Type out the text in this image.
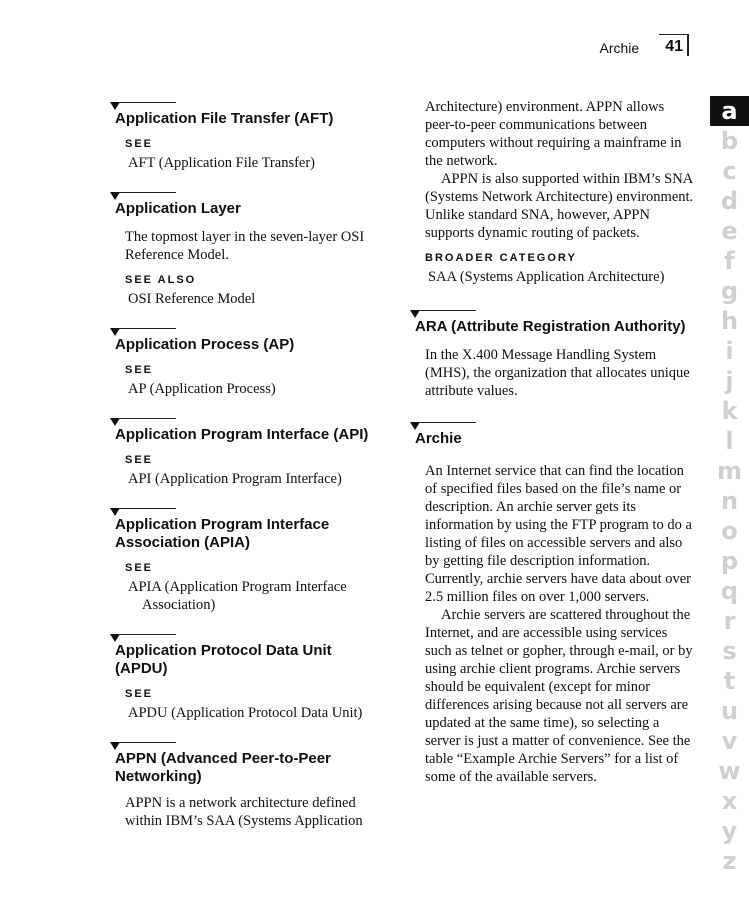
Archie	41
Application File Transfer (AFT)
SEE
AFT (Application File Transfer)
Application Layer
The topmost layer in the seven-layer OSI Reference Model.
SEE ALSO
OSI Reference Model
Application Process (AP)
SEE
AP (Application Process)
Application Program Interface (API)
SEE
API (Application Program Interface)
Application Program Interface Association (APIA)
SEE
APIA (Application Program Interface Association)
Application Protocol Data Unit (APDU)
SEE
APDU (Application Protocol Data Unit)
APPN (Advanced Peer-to-Peer Networking)
APPN is a network architecture defined within IBM’s SAA (Systems Application

Architecture) environment. APPN allows peer-to-peer communications between computers without requiring a mainframe in the network.

APPN is also supported within IBM’s SNA (Systems Network Architecture) environment. Unlike standard SNA, however, APPN supports dynamic routing of packets.

BROADER CATEGORY
SAA (Systems Application Architecture)
ARA (Attribute Registration Authority)
In the X.400 Message Handling System (MHS), the organization that allocates unique attribute values.
Archie

An Internet service that can find the location of specified files based on the file’s name or description. An archie server gets its information by using the FTP program to do a listing of files on accessible servers and also by getting file description information. Currently, archie servers have data about over 2.5 million files on over 1,000 servers.

Archie servers are scattered throughout the Internet, and are accessible using services such as telnet or gopher, through e-mail, or by using archie client programs. Archie servers should be equivalent (except for minor differences arising because not all servers are updated at the same time), so selecting a server is just a matter of convenience. See the table “Example Archie Servers” for a list of some of the available servers.

a
b
c
d
e
f
g
h
i
j
k
l
m
n
o
p
q
r
s
t
u
v
w
x
y
z
